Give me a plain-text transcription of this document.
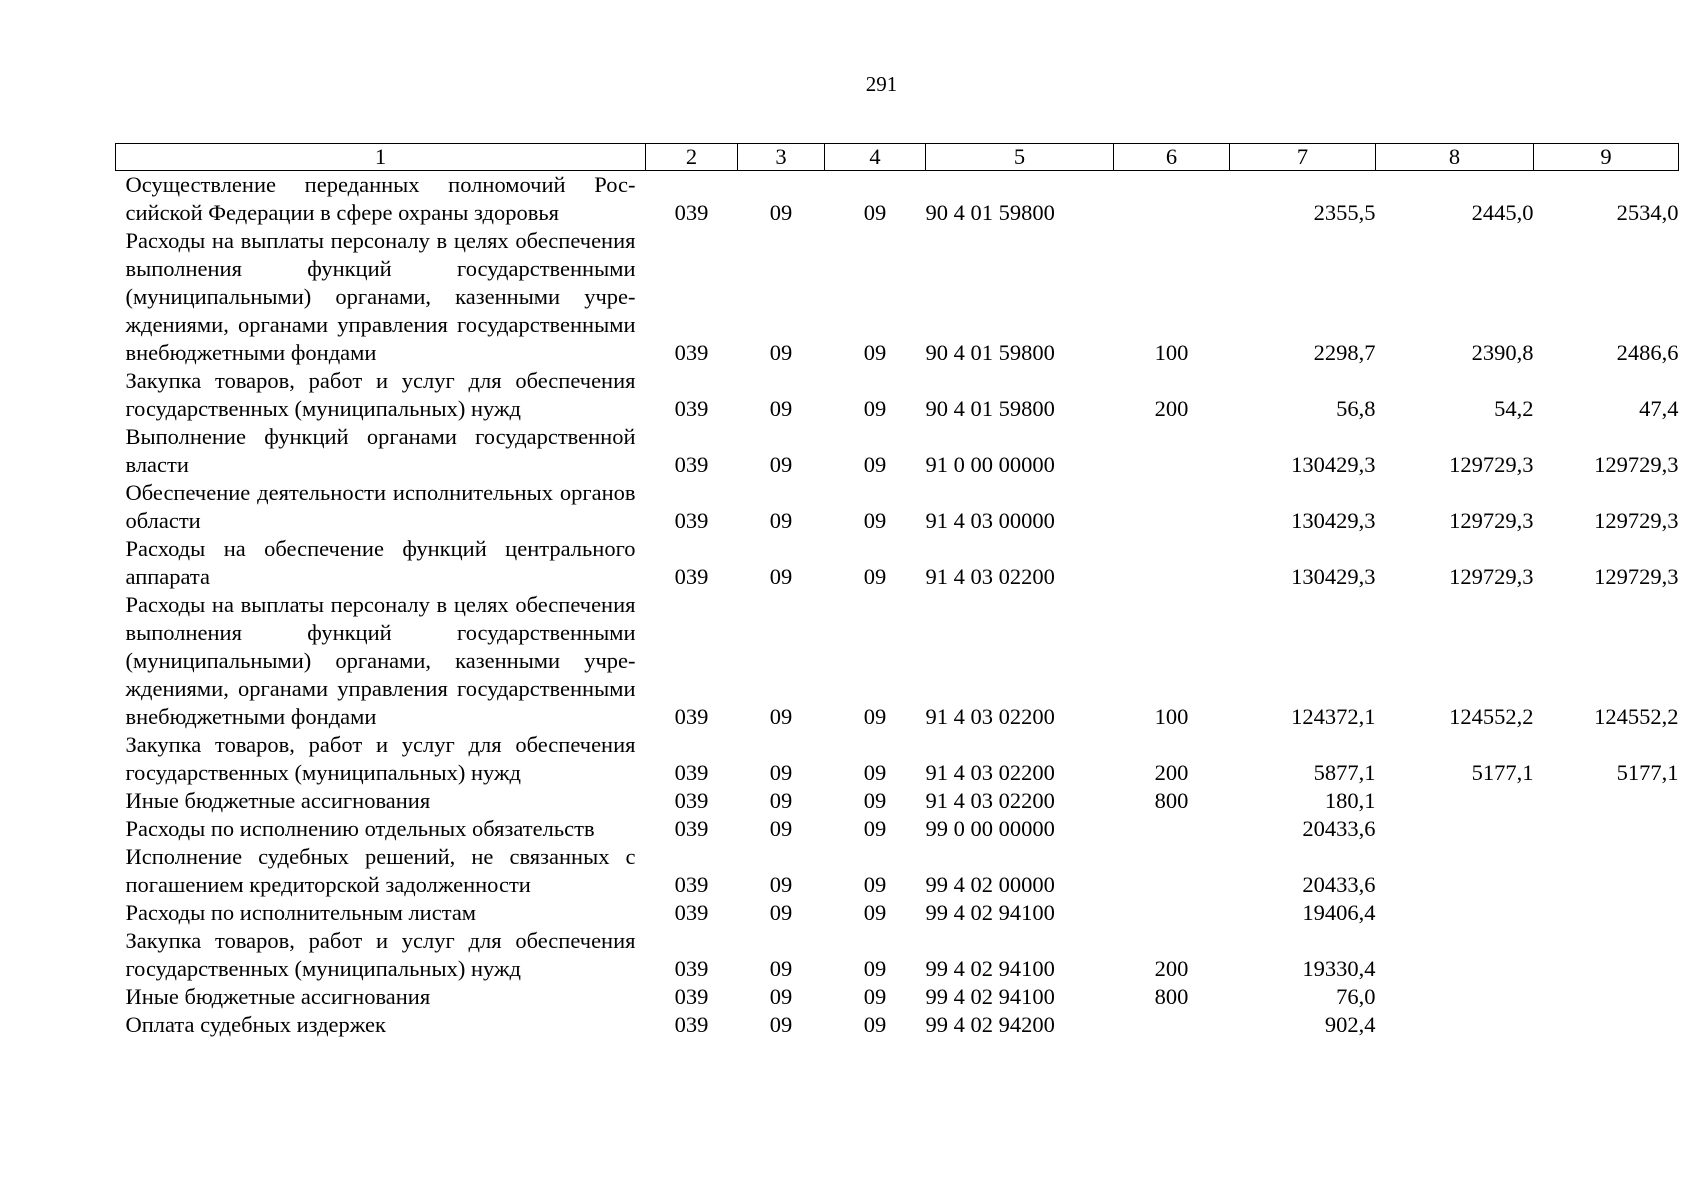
291
1	2	3	4	5	6	7	8	9
Осуществление переданных полномочий Российской Федерации в сфере охраны здоровья	039	09	09	90 4 01 59800		2355,5	2445,0	2534,0
Расходы на выплаты персоналу в целях обеспечения выполнения функций государственными (муниципальными) органами, казенными учреждениями, органами управления государственными внебюджетными фондами	039	09	09	90 4 01 59800	100	2298,7	2390,8	2486,6
Закупка товаров, работ и услуг для обеспечения государственных (муниципальных) нужд	039	09	09	90 4 01 59800	200	56,8	54,2	47,4
Выполнение функций органами государственной власти	039	09	09	91 0 00 00000		130429,3	129729,3	129729,3
Обеспечение деятельности исполнительных органов области	039	09	09	91 4 03 00000		130429,3	129729,3	129729,3
Расходы на обеспечение функций центрального аппарата	039	09	09	91 4 03 02200		130429,3	129729,3	129729,3
Расходы на выплаты персоналу в целях обеспечения выполнения функций государственными (муниципальными) органами, казенными учреждениями, органами управления государственными внебюджетными фондами	039	09	09	91 4 03 02200	100	124372,1	124552,2	124552,2
Закупка товаров, работ и услуг для обеспечения государственных (муниципальных) нужд	039	09	09	91 4 03 02200	200	5877,1	5177,1	5177,1
Иные бюджетные ассигнования	039	09	09	91 4 03 02200	800	180,1		
Расходы по исполнению отдельных обязательств	039	09	09	99 0 00 00000		20433,6		
Исполнение судебных решений, не связанных с погашением кредиторской задолженности	039	09	09	99 4 02 00000		20433,6		
Расходы по исполнительным листам	039	09	09	99 4 02 94100		19406,4		
Закупка товаров, работ и услуг для обеспечения государственных (муниципальных) нужд	039	09	09	99 4 02 94100	200	19330,4		
Иные бюджетные ассигнования	039	09	09	99 4 02 94100	800	76,0		
Оплата судебных издержек	039	09	09	99 4 02 94200		902,4		
